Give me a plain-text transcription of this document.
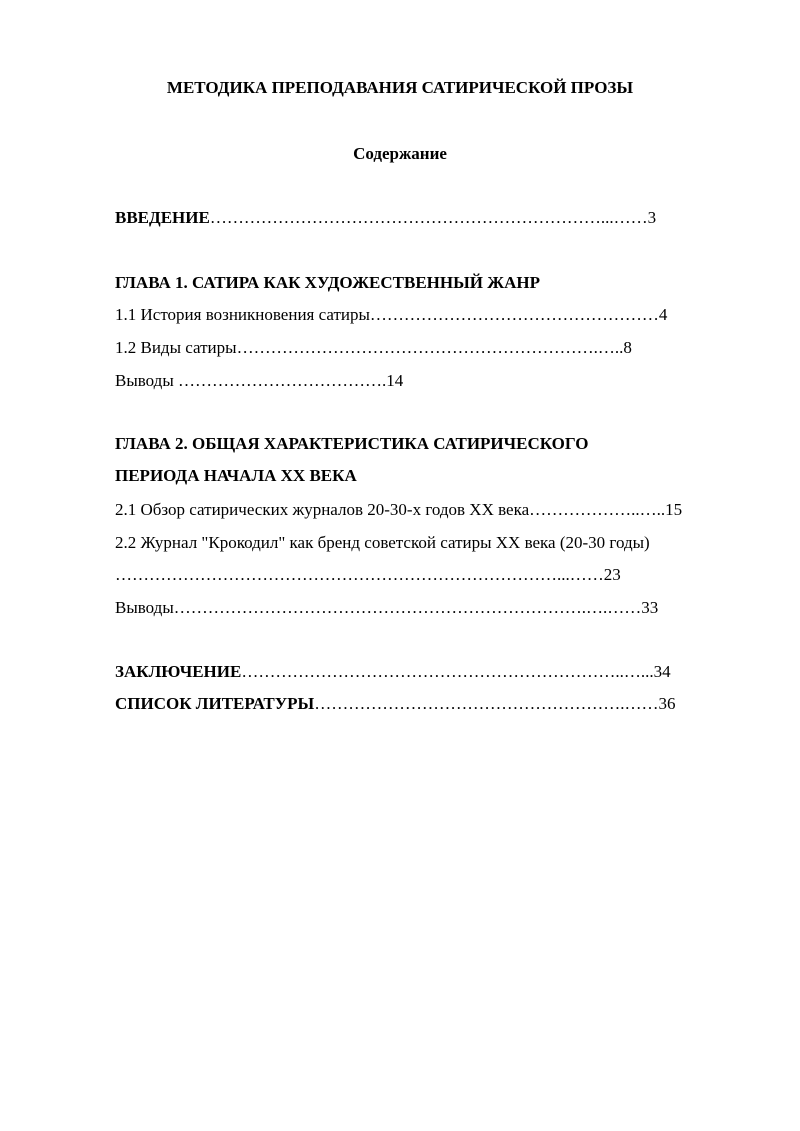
МЕТОДИКА ПРЕПОДАВАНИЯ САТИРИЧЕСКОЙ ПРОЗЫ
Содержание
ВВЕДЕНИЕ……………………………………………………………...……3
ГЛАВА 1. САТИРА КАК ХУДОЖЕСТВЕННЫЙ ЖАНР
1.1 История возникновения сатиры……………………………………………4
1.2 Виды сатиры……………………………………………………….…..8
Выводы ……………………………….14
ГЛАВА 2. ОБЩАЯ ХАРАКТЕРИСТИКА САТИРИЧЕСКОГО
ПЕРИОДА НАЧАЛА ХХ ВЕКА
2.1 Обзор сатирических журналов 20-30-х годов ХХ века………………..…..15
2.2 Журнал "Крокодил" как бренд советской сатиры ХХ века (20-30 годы)
……………………………………………………………………...……23
Выводы……………………………………………………………….….……33
ЗАКЛЮЧЕНИЕ…………………………………………………………..…...34
СПИСОК ЛИТЕРАТУРЫ……………………………………………….……36
